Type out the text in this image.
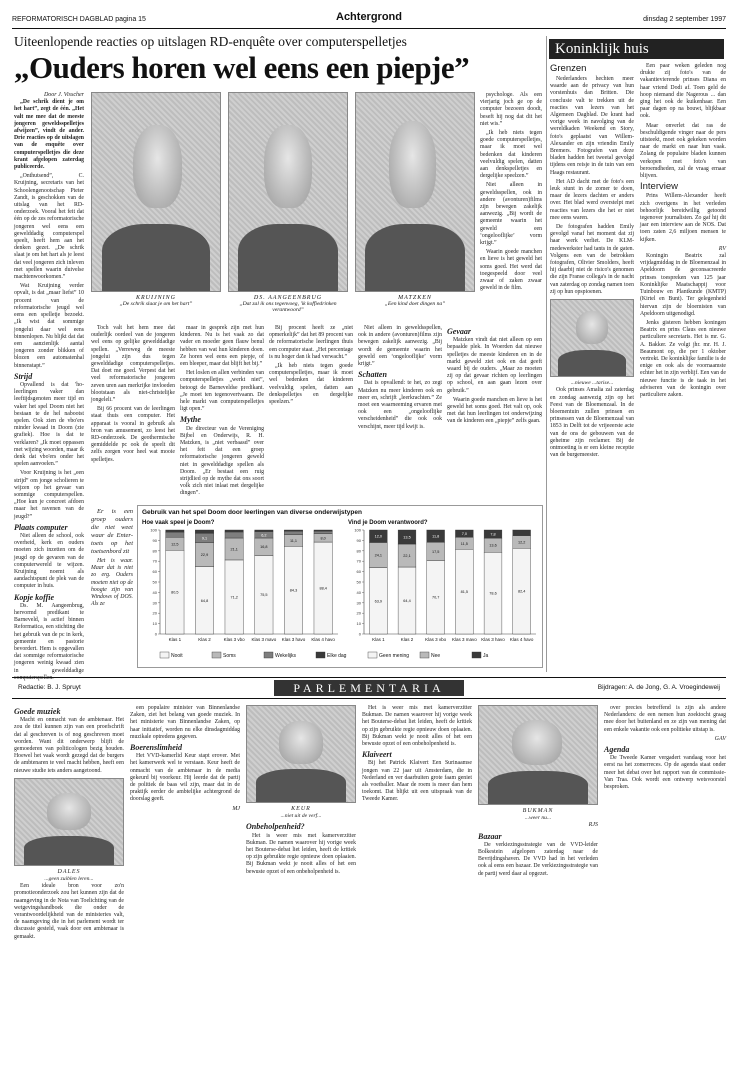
REFORMATORISCH DAGBLAD pagina 15	Achtergrond	dinsdag 2 september 1997
Uiteenlopende reacties op uitslagen RD-enquête over computerspelletjes
„Ouders horen wel eens een piepje”
Door J. Visscher

„De schrik dient je om het hart”, zegt de één. „Het valt me mee dat de meeste jongeren geweldsspelletjes afwijzen”, vindt de ander. Drie reacties op de uitslagen van de enquête over computerspelletjes die deze krant afgelopen zaterdag publiceerde.

„Onthutsend”, C. Kruijning, secretaris van het Schoolengenootschap Pieter Zandt, is geschokken van de uitslag van het RD-onderzoek. Vooral het feit dat één op de zes reformatorische jongeren wel eens een gewelddadig computerspel speelt, heeft hem aan het denken gezet. „De schrik slaat je om het hart als je leest dat veel jongeren zich inleven met spellen waarin duivelse machtenwoorkomen.”

Wat Kruijning verder opvalt, is dat „maar liefst” 10 procent van de reformatorische jeugd wel eens een spelletje bezoekt. „Ik wist dat sommige jongelui daar wel eens binnenlopen. Nu blijkt dat dat een aanzienlijk aantal jongeren zonder blikken of blozen een automatenhal binnenstapt.”

Strijd

Opvallend is dat 'ho-leerlingen vaker dan leeftijdsgenoten meer tijd en vaker het spel Doom niet het bestaan te de hel nabootst spelen. Ook zien de vbo'ers minder kwaad in Doom (zie grafiek). Hoe is dat te verklaren? „Ik moet oppassen met wijzing woorden, maar ik denk dat vbo'ers onder het spelen aanvoelen.”

Voor Kruijning is het „een strijd” om jonge scholieren te wijzen op het gevaar van sommige computerspellen. „Hoe kun je concreet afdoen maar het ravenen van de jeugd?”

Plaats computer

Niet alleen de school, ook overheid, kerk en ouders moeten zich inzetten om de jeugd op de gevaren van de computerwereld te wijzen. Kruijning noemt als aandachtspunt de plek van de computer in huis.

Kopje koffie

Ds. M. Aangeenbrug, hervormd predikant te Barneveld, is actief binnen Reformatica, een stichting die het gebruik van de pc in kerk, gemeente en pastorie bevordert. Hem is opgevallen dat sommige reformatorische jongeren weinig kwaad zien in gewelddadige computerspellen.

KRUIJNING
„De schrik slaat je om het hart”
DS. AANGEENBRUG
„Dat zal ik ons tegenvoeg, 'ik koffiedrinken verantwoord”
MATZKEN
„Een kind doet dingen na”

psychologe. Als een vierjarig joch ge op de computer bezoeen doodt, beseft hij nog dat dit het niet wis.”

„Ik heb niets tegen goede computerspelletjes, maar ik moet wel bedenken dat kinderen veelvuldig spelen, datten aan denkspelletjes en dergelijke speelzen.”

Niet alleen in geweldsspellen, ook in andere (avonturen)films zijn bewegen zakelijk aanwezig. „Bij wordt de gemeente waarin het geweld een ‘ongelooflijke’ vorm krijgt.”

Waarin goede manchen en lieve is het geweld het soms goed. Het werd dat toegespeeld door veel zwaar of zaken zwaar geweld in de film.

Toch valt het hem mee dat ouderlijk oordeel van de jongeren wel eens op gelijke gewelddadige spellen. „Verreweg de meeste jongelui zijn dus tegen gewelddadige computerspelletjes. Dat doet me goed. Verpest dat het veel reformatorische jongeren zeven uren aan merkrijke invloeden blootstaan als niet-christelijke jongeleli.”

Bij 66 procent van de leerlingen staat thuis een computer. Het apparaat is vooral in gebruik als bron van amusement, zo leest het RD-onderzoek. De geothermische gemiddelde pc ook de speelt dit zelfs zorgen voor heel wat mooie spelletjes.

maar in gesprek zijn met hun kinderen. Nu is het vaak zo dat vader en moeder geen flauw benul hebben van wat hun kinderen doen. Ze horen wel eens een piepje, of een bleeper, maar dat blijft het bij.”

Het loslen en allen verbinden van computerspelletjes „werkt niet”, betoogt de Barneveldse predikant. „Je moet ten tegenovertvaann. De hele markt van computerspelletjes ligt open.”

Mythe

De directeur van de Vereniging Bijbel en Onderwijs, R. H. Matzken, is „niet verbaasd” over het feit dat een groep reformatorische jongeren geweld niet in gewelddadige spellen als Doom. „Er bestaat een ruig strijdlied op de mythe dat ons soort volk zich niet inlaat met dergelijke dingen”.

Bij procent heeft ze „niet opmerkelijk” dat het 89 procent van de reformatorische leerlingen thuis een computer staat. „Het percentage is nu hoger dan ik had verwacht.”

„Ik heb niets tegen goede computerspelletjes, maar ik moet wel bedenken dat kinderen veelvuldig spelen, datten aan denkspelletjes en dergelijke speelzen.”

Niet alleen in geweldsspellen, ook in andere (avonturen)films zijn bewegen zakelijk aanwezig. „Bij wordt de gemeente waarin het geweld een ‘ongelooflijke’ vorm krijgt.”

Schatten

Dat is opvallend: te het, zo zegt Matzken nu meer kinderen ook en meer en, schrijft „leerkrachten.” Ze moet een waarneeming ervaren met ook een „ongelooflijke verscheidenheid” die ook ook verschijnt, meer tijd kwijt is.

Gevaar

Matzken vindt dat niet alleen op een bepaalde plek. In Woerden dat nieuwe spelletjes de meeste kinderen en in de markt geweld ziet ook en dat geeft waard bij de ouders. „Maar zo moeten zij op dat gevaar richten op leerlingen op school, en aan gaan lezen over gebruik.”

Waarin goede manchen en lieve is het geweld het soms goed. Het valt op, ook met dat hun leerlingen tot onderwijzing van de kinderen een „piepje” zelfs gaan.

Er is een groep ouders die niet weet waar de Enter-toets op het toetsenbord zit

Het is waar. Maar dat is niet zo erg. Ouders moeten niet op de hoogte zijn van Windows of DOS. Als ze

Gebruik van het spel Doom door leerlingen van diverse onderwijstypen
Hoe vaak speel je Doom?	Vind je Doom verantwoord?
0
10
20
30
40
50
60
70
80
90
100
80,5
12,5
Klas 1
64,8
22,9
9,1
Klas 2
71,2
21,1
Klas 3 vbo
75,5
16,8
6,2
Klas 3 mavo
84,3
11,1
Klas 3 havo
88,4
8,0
Klas 4 havo
0
10
20
30
40
50
60
70
80
90
100
63,9
24,1
12,0
Klas 1
64,4
22,1
13,5
Klas 2
70,7
17,5
11,8
Klas 3 vbo
81,5
11,5
7,0
Klas 3 mavo
78,6
13,6
7,8
Klas 3 havo
82,4
12,2
Klas 4 havo
Nooit	Soms	Wekelijks	Elke dag	Geen mening	Nee	Ja
Koninklijk huis
Grenzen

Nederlanders hechten meer waarde aan de privacy van hun vorstenhuis dan Britten. Die conclusie valt te trekken uit de reacties van lezers van het Algemeen Dagblad. De krant had vorige week in navolging van de wereldkaden Weekend en Story, foto's geplaatst van Willem-Alexander en zijn vriendin Emily Bremers. Fotografen van deze bladen hadden het tweetal gevolgd tijdens een reisje in de tuin van een Haags restaurant.

Het AD dacht met de foto's een leuk stunt in de zomer te doen, maar de lezers dachten er anders over. Het blad werd overstelpt met reacties van lezers die het er niet mee eens waren.

De fotografen hadden Emily gevolgd vanaf het moment dat zij haar werk verliet. De KLM-medewerkster had tants in de gaten. Volgens een van de betrokken fotografen, Olivier Smolders, heeft hij daarbij niet de risico's genomen die zijn Franse collega's in de nacht van zaterdag op zondag namen toen zij op hun opspioenen.

...nieuwe ...tarise...

Ook prinses Amalia zal zaterdag en zondag aanwezig zijn op het Feest van de Bloemenzaal. In de bloementuin zullen prinsen en prinsessen van de Bloemenzaal van 1853 in Delft tot de vrijeeerste acte van de ons de gebouwen van de geheime zijn reclamer. Bij de ontmoeting is er een kleine receptie van de burgemeester.

Een paar weken geleden nog drukte zij foto's van de vakantievierende prinses Diana en haar vriend Dodi af. Toen geld de hoop niemand die Nagerous ... dan ging het ook de kuikenhaar. Een paar dagen op na bouwt, blijkbaar ook.

Maar onverlet dat ras de beschuldigende vinger naar de pers uitsteekt, moet ook gekeken worden naar de markt en naar hun vaak. Zolang de populaire bladen kunnen verkopen met foto's van beroemdheden, zal de vraag ernaar blijven.

Interview

Prins Willem-Alexander heeft zich overigens in het verleden behoorlijk bereidwillig getoond tegenover journalisten. Zo gaf hij dit jaar een interview aan de NOS. Dat toen zaten 2,6 miljoen mensen te kijken.

RV

Koningin Beatrix zal vrijdagmiddag in de Bloemenzaal in Apeldoorn de geconsacreerde prinses toespreken van 125 jaar Koninklijke Maatschappij voor Tuinbouw en Plantkunde (KMTP) (Kirtel en Bunt). Ter gelegenheid hiervan zijn de bloemisten van Apeldoorn uitgenodigd.

Jenks gisteren hebben koningen Beatrix en prins Claus een nieuwe particuliere secretaris. Het is mr. G. A. Bakker. Ze volgt jhr. mr. H. J. Beaumont op, die per 1 oktober vertrekt. De koninklijke familie is de enige en ook als de voornaamste echter het in zijn verblijf. Een van de nieuwe functie is de taak in het adviseren van de koningin over particuliere zaken.

Redactie: B. J. Spruyt	PARLEMENTARIA	Bijdragen: A. de Jong, G. A. Vroegindeweij
Goede muziek

Macht en onmacht van de ambtenaar. Het zou de titel kunnen zijn van een proefschrift dat al geschreven is of nog geschreven moet worden. Want dit onderwerp blijft de gemoederen van politicologen bezig houden. Hoewel het vaak wordt gezegd dat de burgers de ambtenaren te veel macht hebben, heeft een nieuwe studie iets anders aangetoond.

DALES
...geen zuiblen leren...

Een ideale bron voor zo'n promotieonderzoek zou het kunnen zijn dat de naamgeving in de Nota van Toelichting van de wetgevingshandboek die onder de verantwoordelijkheid van de ministeries valt, de naamgeving die in het parlement wordt ter discussie gesteld, vaak door een ambtenaar is gemaakt.

een populaire minister van Binnenlandse Zaken, ziet het belang van goede muziek. In het ministerie van Binnenlandse Zaken, op haar initiatief, worden nu elke dinsdagmiddag muzikale optredens gegeven.

Boerenslimheid

Het VVD-kamerlid Keur stapt erover. Met het kamerwerk wel te verstaan. Keur heeft de onmacht van de ambtenaar in de media gekeurd bij voorkeur. Hij leerde dat de partij de politiek de baas wil zijn, maar dat in de praktijk eerder de ambtelijke achtergrond de doorslag geeft.

MJ	KEUR
...niet uit de verf...
Onbeholpenheid?

Het is weer mis met kamerverzitter Bukman. De namen waarover hij vorige week het Bouterse-debat liet leiden, heeft de kritiek op zijn gebruikte regie opnieuw doen oplaaien. Bij Bukman wekt je nooit alles of het een bewuste opzet of een onbeholpenheid is.

Het is weer mis met kamerverzitter Bukman. De namen waarover hij vorige week het Bouterse-debat liet leiden, heeft de kritiek op zijn gebruikte regie opnieuw doen oplaaien. Bij Bukman wekt je nooit alles of het een bewuste opzet of een onbeholpenheid is.

Klaiveert

Bij het Patrick Klaivert Een Surinaamse jongen van 22 jaar uit Amsterdam, die in Nederland en ver daarbuiten grote faam geniet als voetballer. Maar de roem is meer dan hem toekomt. Dat blijkt uit een uitspraak van de Tweede Kamer.

BUKMAN
...weer nu...
RJS
Bazaar

De verkiezingsstrategie van de VVD-leider Bolkestein afgelopen zaterdag naar de Bevrijdingshaven. De VVD had in het verleden ook al eens een bazaar. De verkiezingsstrategie van de partij werd daar al opgezet.

over precies betreffend is zijn als andere Nederlanders: de een nemen hun zoektocht graag mee door het buitenland en ze zijn van mening dat een enkele vakantie ook een politieke uitstap is.

GAV
Agenda

De Tweede Kamer vergadert vandaag voor het eerst na het zomerreces. Op de agenda staat onder meer het debat over het rapport van de commissie-Van Traa. Ook wordt een ontwerp wetsvoorstel besproken.
